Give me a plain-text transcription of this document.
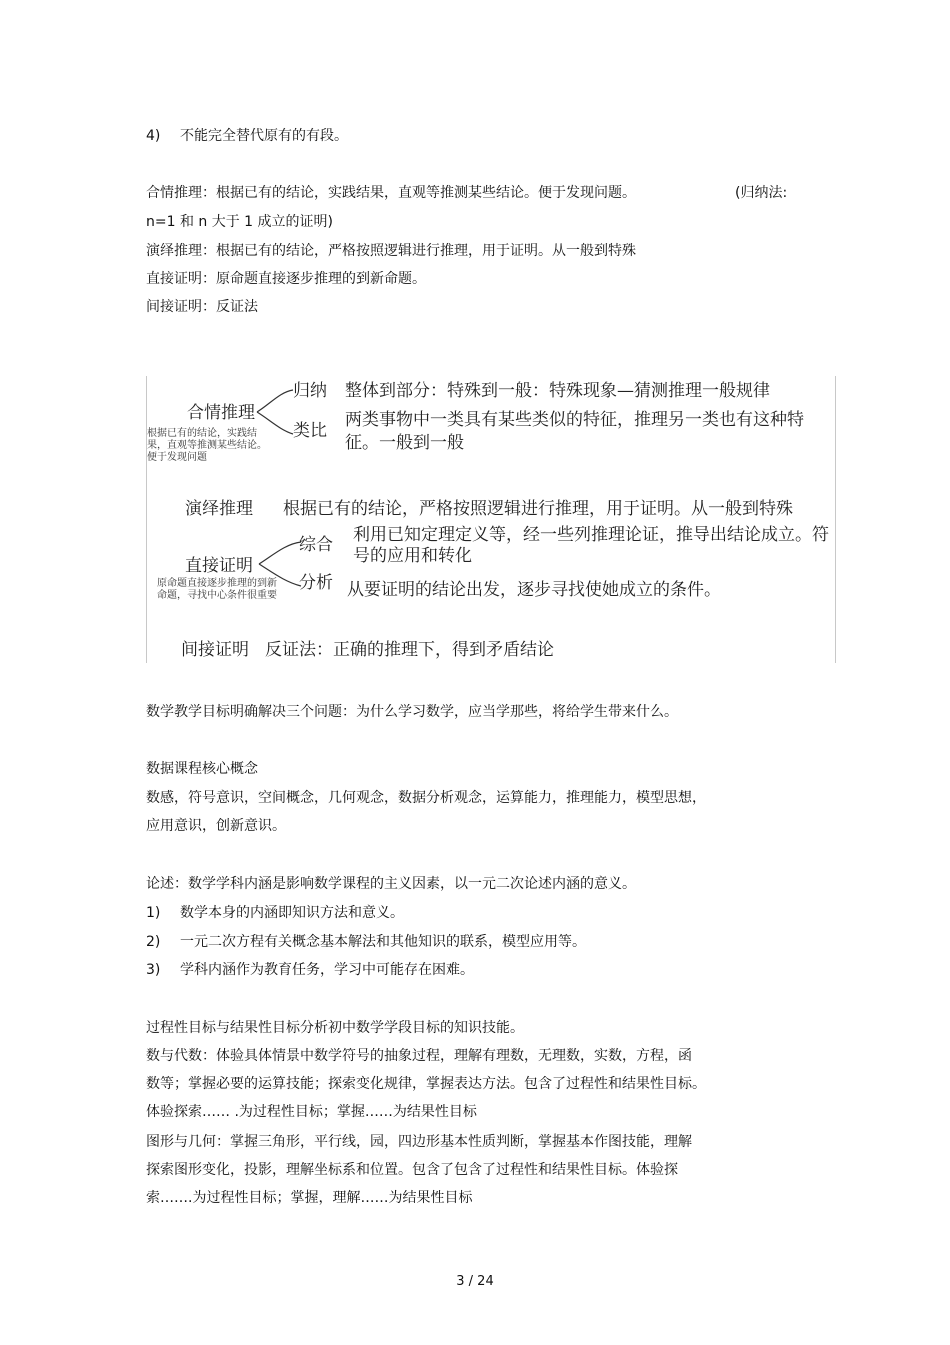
4) 不能完全替代原有的有段。
合情推理：根据已有的结论，实践结果，直观等推测某些结论。便于发现问题。	(归纳法:
n=1 和 n 大于 1 成立的证明)
演绎推理：根据已有的结论，严格按照逻辑进行推理，用于证明。从一般到特殊
直接证明：原命题直接逐步推理的到新命题。
间接证明：反证法
合情推理
根据已有的结论，实践结果，直观等推测某些结论。便于发现问题
归纳 整体到部分：特殊到一般：特殊现象—猜测推理一般规律
类比
两类事物中一类具有某些类似的特征，推理另一类也有这种特
征。一般到一般
演绎推理 根据已有的结论，严格按照逻辑进行推理，用于证明。从一般到特殊
直接证明
原命题直接逐步推理的到新命题，寻找中心条件很重要
综合 利用已知定理定义等，经一些列推理论证，推导出结论成立。符
号的应用和转化
分析 从要证明的结论出发，逐步寻找使她成立的条件。
间接证明 反证法：正确的推理下，得到矛盾结论
数学教学目标明确解决三个问题：为什么学习数学，应当学那些，将给学生带来什么。
数据课程核心概念
数感，符号意识，空间概念，几何观念，数据分析观念，运算能力，推理能力，模型思想，
应用意识，创新意识。
论述：数学学科内涵是影响数学课程的主义因素，以一元二次论述内涵的意义。
1) 数学本身的内涵即知识方法和意义。
2) 一元二次方程有关概念基本解法和其他知识的联系，模型应用等。
3) 学科内涵作为教育任务，学习中可能存在困难。
过程性目标与结果性目标分析初中数学学段目标的知识技能。
数与代数：体验具体情景中数学符号的抽象过程，理解有理数，无理数，实数，方程，函
数等；掌握必要的运算技能；探索变化规律，掌握表达方法。包含了过程性和结果性目标。
体验探索…… .为过程性目标；掌握……为结果性目标
图形与几何：掌握三角形，平行线，园，四边形基本性质判断，掌握基本作图技能，理解
探索图形变化，投影，理解坐标系和位置。包含了包含了过程性和结果性目标。体验探
索…….为过程性目标；掌握，理解……为结果性目标
3 / 24
